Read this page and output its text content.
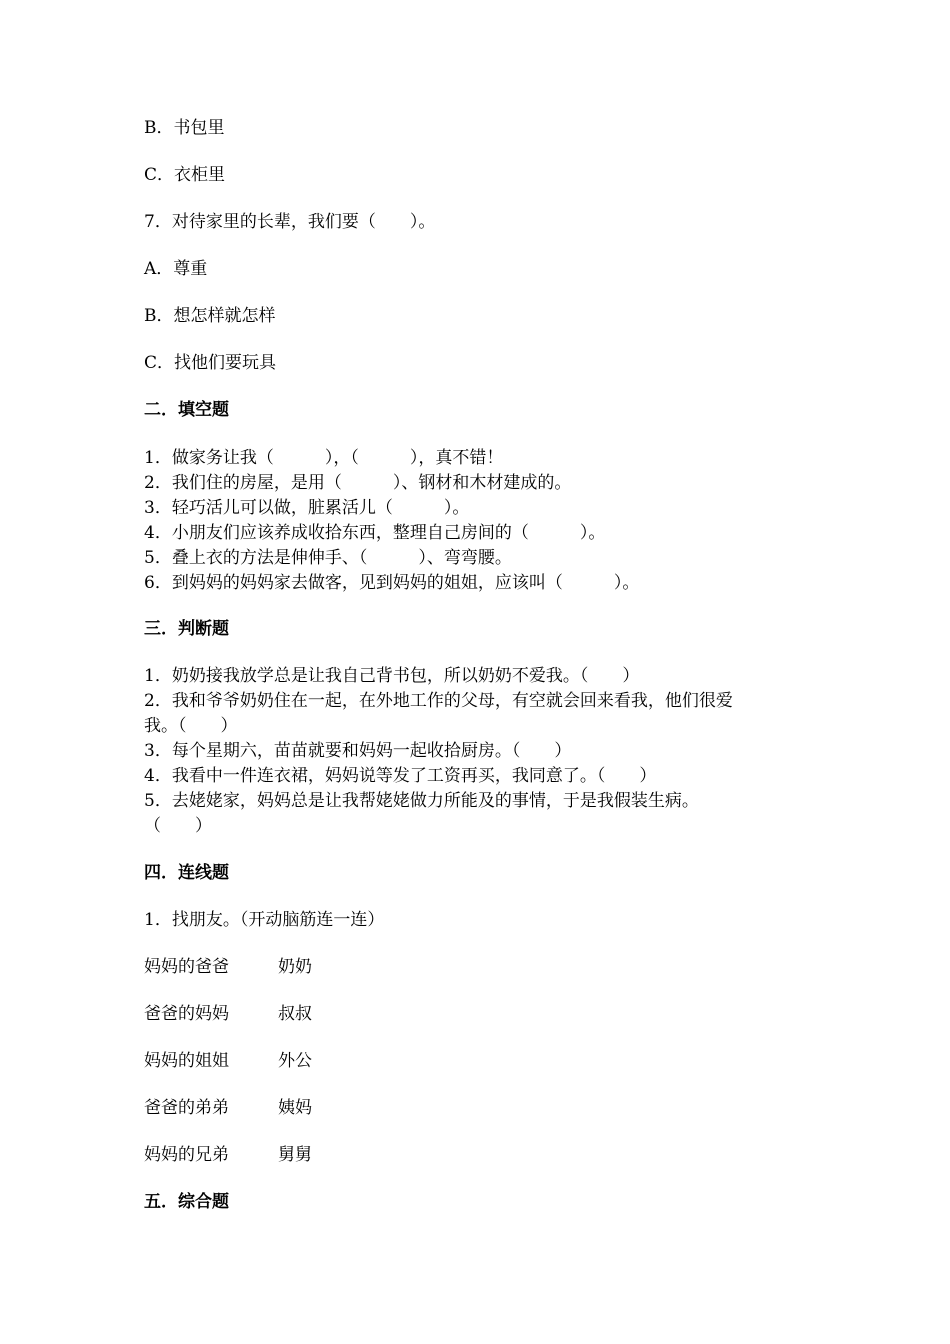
B．书包里
C．衣柜里
7．对待家里的长辈，我们要（　　）。
A．尊重
B．想怎样就怎样
C．找他们要玩具
二．填空题
1．做家务让我（　　　），（　　　），真不错！
2．我们住的房屋，是用（　　　）、钢材和木材建成的。
3．轻巧活儿可以做，脏累活儿（　　　）。
4．小朋友们应该养成收拾东西，整理自己房间的（　　　）。
5．叠上衣的方法是伸伸手、（　　　）、弯弯腰。
6．到妈妈的妈妈家去做客，见到妈妈的姐姐，应该叫（　　　）。
三．判断题
1．奶奶接我放学总是让我自己背书包，所以奶奶不爱我。（　　）
2．我和爷爷奶奶住在一起，在外地工作的父母，有空就会回来看我，他们很爱
我。（　　）
3．每个星期六，苗苗就要和妈妈一起收拾厨房。（　　）
4．我看中一件连衣裙，妈妈说等发了工资再买，我同意了。（　　）
5．去姥姥家，妈妈总是让我帮姥姥做力所能及的事情，于是我假装生病。
（　　）
四．连线题
1．找朋友。（开动脑筋连一连）
妈妈的爸爸	奶奶
爸爸的妈妈	叔叔
妈妈的姐姐	外公
爸爸的弟弟	姨妈
妈妈的兄弟	舅舅
五．综合题
